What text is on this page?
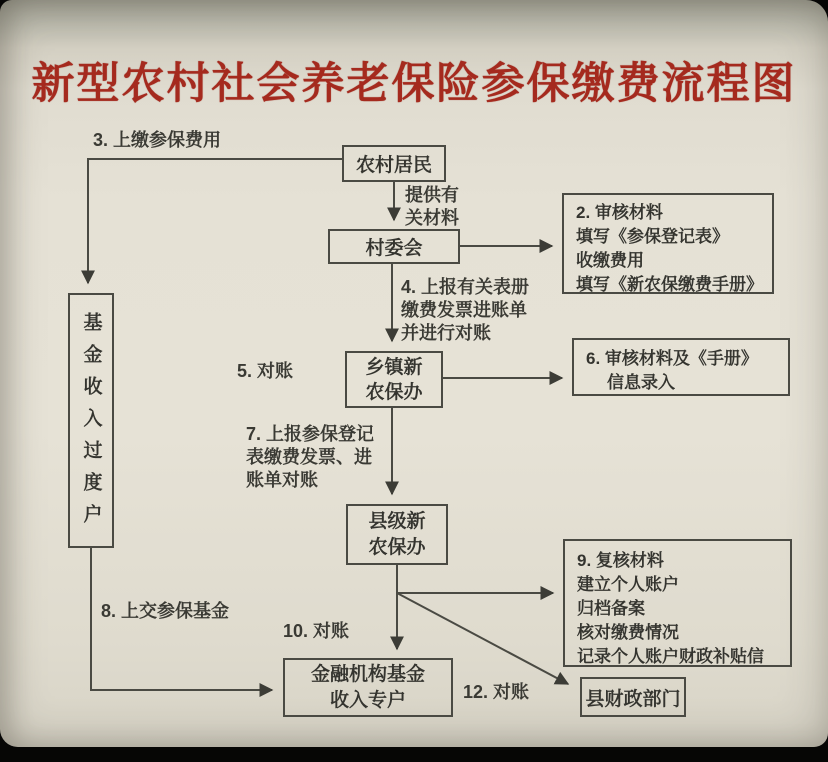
新型农村社会养老保险参保缴费流程图
农村居民
村委会
2. 审核材料
填写《参保登记表》
收缴费用
填写《新农保缴费手册》
乡镇新
农保办
6. 审核材料及《手册》
信息录入
县级新
农保办
9. 复核材料
建立个人账户
归档备案
核对缴费情况
记录个人账户财政补贴信
基金收入过度户
金融机构基金
收入专户	县财政部门
3. 上缴参保费用
提供有
关材料
4. 上报有关表册
缴费发票进账单
并进行对账
5. 对账
7. 上报参保登记
表缴费发票、进
账单对账
8. 上交参保基金
10. 对账
12. 对账
